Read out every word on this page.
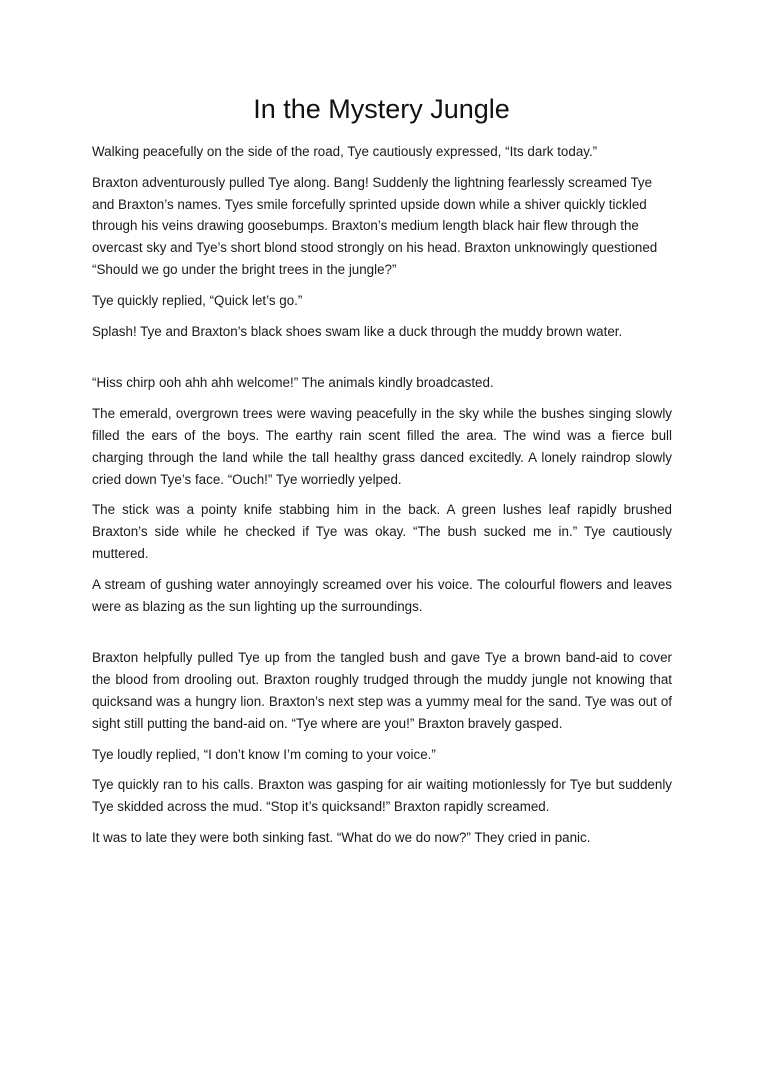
In the Mystery Jungle

Walking peacefully on the side of the road, Tye cautiously expressed, “Its dark today.”

Braxton adventurously pulled Tye along. Bang! Suddenly the lightning fearlessly screamed Tye and Braxton’s names. Tyes smile forcefully sprinted upside down while a shiver quickly tickled through his veins drawing goosebumps. Braxton’s medium length black hair flew through the overcast sky and Tye’s short blond stood strongly on his head. Braxton unknowingly questioned “Should we go under the bright trees in the jungle?”

Tye quickly replied, “Quick let’s go.”

Splash! Tye and Braxton’s black shoes swam like a duck through the muddy brown water.

“Hiss chirp ooh ahh ahh welcome!” The animals kindly broadcasted.

The emerald, overgrown trees were waving peacefully in the sky while the bushes singing slowly filled the ears of the boys. The earthy rain scent filled the area. The wind was a fierce bull charging through the land while the tall healthy grass danced excitedly. A lonely raindrop slowly cried down Tye’s face. “Ouch!” Tye worriedly yelped.

The stick was a pointy knife stabbing him in the back. A green lushes leaf rapidly brushed Braxton’s side while he checked if Tye was okay. “The bush sucked me in.” Tye cautiously muttered.

A stream of gushing water annoyingly screamed over his voice. The colourful flowers and leaves were as blazing as the sun lighting up the surroundings.

Braxton helpfully pulled Tye up from the tangled bush and gave Tye a brown band-aid to cover the blood from drooling out. Braxton roughly trudged through the muddy jungle not knowing that quicksand was a hungry lion. Braxton’s next step was a yummy meal for the sand. Tye was out of sight still putting the band-aid on. “Tye where are you!” Braxton bravely gasped.

Tye loudly replied, “I don’t know I’m coming to your voice.”

Tye quickly ran to his calls. Braxton was gasping for air waiting motionlessly for Tye but suddenly Tye skidded across the mud. “Stop it’s quicksand!” Braxton rapidly screamed.

It was to late they were both sinking fast. “What do we do now?” They cried in panic.
